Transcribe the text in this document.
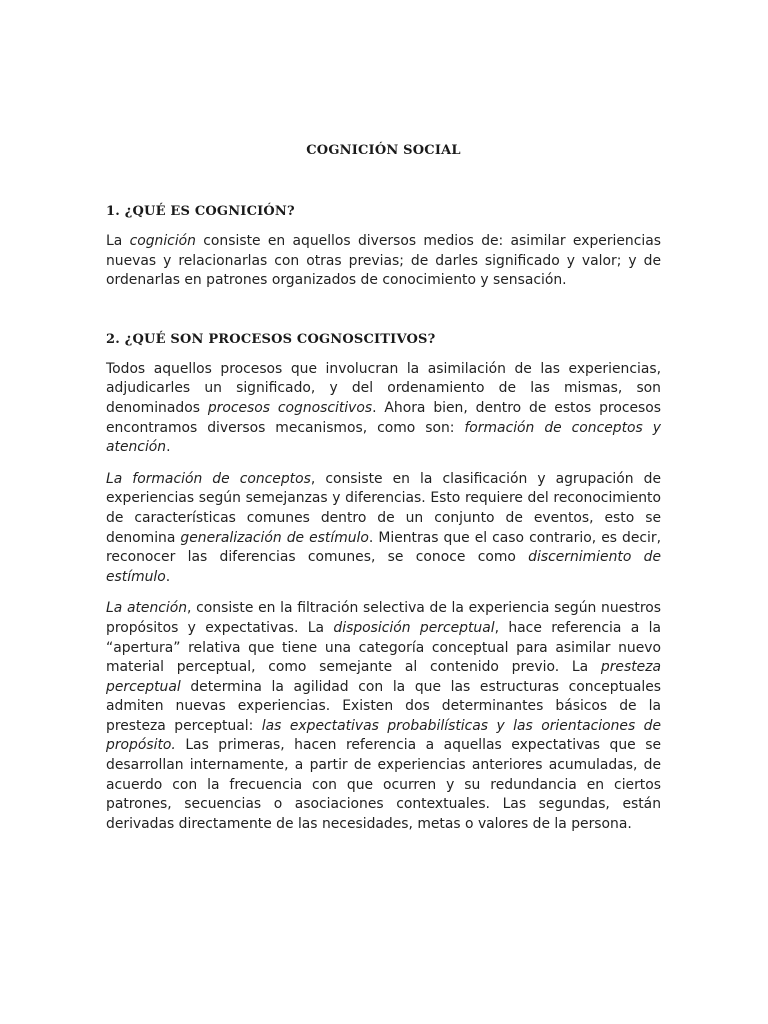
COGNICIÓN SOCIAL
1. ¿QUÉ ES COGNICIÓN?

La cognición consiste en aquellos diversos medios de: asimilar experiencias nuevas y relacionarlas con otras previas; de darles significado y valor; y de ordenarlas en patrones organizados de conocimiento y sensación.

2. ¿QUÉ SON PROCESOS COGNOSCITIVOS?

Todos aquellos procesos que involucran la asimilación de las experiencias, adjudicarles un significado, y del ordenamiento de las mismas, son denominados procesos cognoscitivos. Ahora bien, dentro de estos procesos encontramos diversos mecanismos, como son: formación de conceptos y atención.

La formación de conceptos, consiste en la clasificación y agrupación de experiencias según semejanzas y diferencias. Esto requiere del reconocimiento de características comunes dentro de un conjunto de eventos, esto se denomina generalización de estímulo. Mientras que el caso contrario, es decir, reconocer las diferencias comunes, se conoce como discernimiento de estímulo.

La atención, consiste en la filtración selectiva de la experiencia según nuestros propósitos y expectativas. La disposición perceptual, hace referencia a la “apertura” relativa que tiene una categoría conceptual para asimilar nuevo material perceptual, como semejante al contenido previo. La presteza perceptual determina la agilidad con la que las estructuras conceptuales admiten nuevas experiencias. Existen dos determinantes básicos de la presteza perceptual: las expectativas probabilísticas y las orientaciones de propósito. Las primeras, hacen referencia a aquellas expectativas que se desarrollan internamente, a partir de experiencias anteriores acumuladas, de acuerdo con la frecuencia con que ocurren y su redundancia en ciertos patrones, secuencias o asociaciones contextuales. Las segundas, están derivadas directamente de las necesidades, metas o valores de la persona.
